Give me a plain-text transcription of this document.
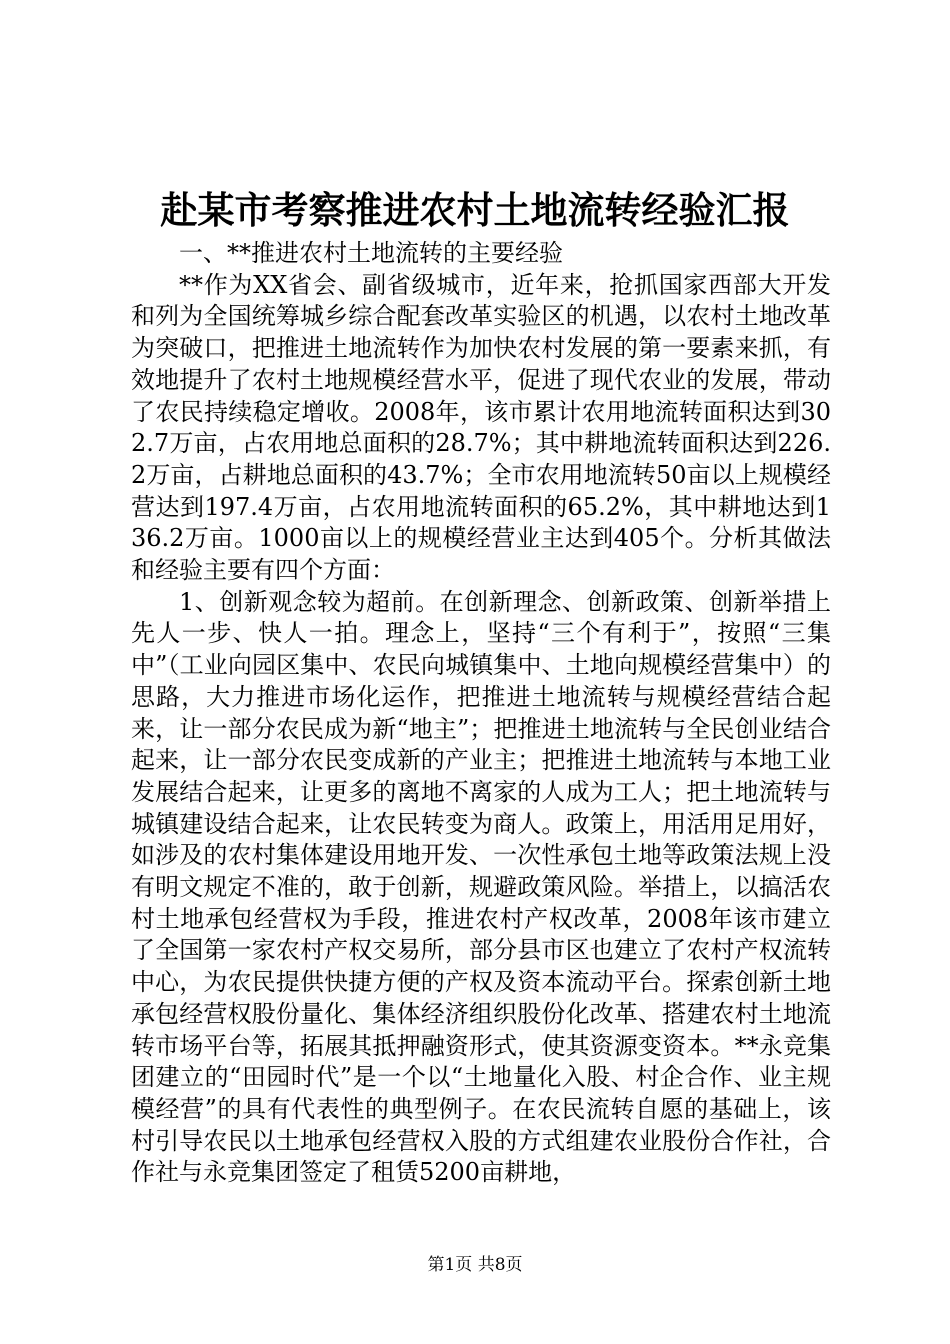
赴某市考察推进农村土地流转经验汇报

一、**推进农村土地流转的主要经验

**作为XX省会、副省级城市，近年来，抢抓国家西部大开发和列为全国统筹城乡综合配套改革实验区的机遇，以农村土地改革为突破口，把推进土地流转作为加快农村发展的第一要素来抓，有效地提升了农村土地规模经营水平，促进了现代农业的发展，带动了农民持续稳定增收。2008年，该市累计农用地流转面积达到302.7万亩，占农用地总面积的28.7%；其中耕地流转面积达到226.2万亩，占耕地总面积的43.7%；全市农用地流转50亩以上规模经营达到197.4万亩，占农用地流转面积的65.2%，其中耕地达到136.2万亩。1000亩以上的规模经营业主达到405个。分析其做法和经验主要有四个方面：

1、创新观念较为超前。在创新理念、创新政策、创新举措上先人一步、快人一拍。理念上，坚持“三个有利于”，按照“三集中”（工业向园区集中、农民向城镇集中、土地向规模经营集中）的思路，大力推进市场化运作，把推进土地流转与规模经营结合起来，让一部分农民成为新“地主”；把推进土地流转与全民创业结合起来，让一部分农民变成新的产业主；把推进土地流转与本地工业发展结合起来，让更多的离地不离家的人成为工人；把土地流转与城镇建设结合起来，让农民转变为商人。政策上，用活用足用好，如涉及的农村集体建设用地开发、一次性承包土地等政策法规上没有明文规定不准的，敢于创新，规避政策风险。举措上，以搞活农村土地承包经营权为手段，推进农村产权改革，2008年该市建立了全国第一家农村产权交易所，部分县市区也建立了农村产权流转中心，为农民提供快捷方便的产权及资本流动平台。探索创新土地承包经营权股份量化、集体经济组织股份化改革、搭建农村土地流转市场平台等，拓展其抵押融资形式，使其资源变资本。**永竞集团建立的“田园时代”是一个以“土地量化入股、村企合作、业主规模经营”的具有代表性的典型例子。在农民流转自愿的基础上，该村引导农民以土地承包经营权入股的方式组建农业股份合作社，合作社与永竞集团签定了租赁5200亩耕地，

第1页 共8页
